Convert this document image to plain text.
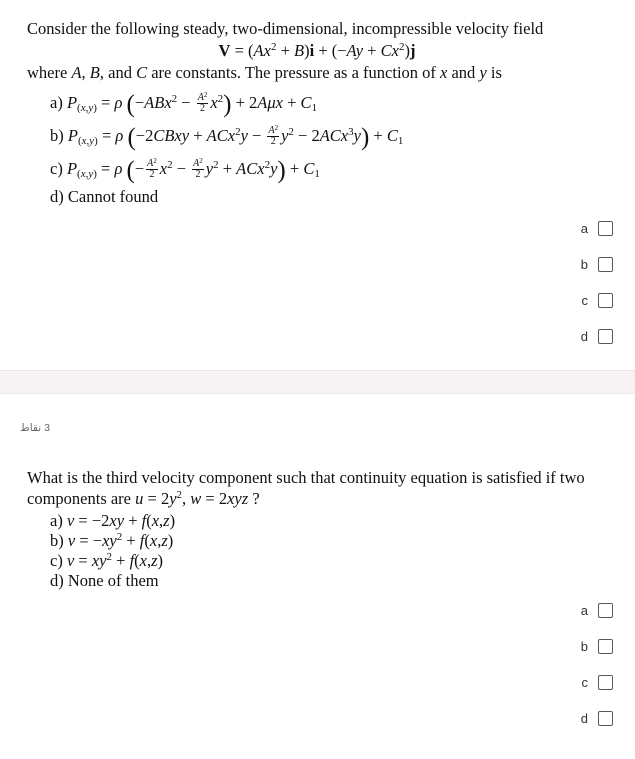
Consider the following steady, two-dimensional, incompressible velocity field
$V = (Ax^2 + B)i + (-Ay + Cx^2)j$
where A, B, and C are constants. The pressure as a function of x and y is
a) $P_{(x,y)} = \rho$ $(-ABx^2 - \frac{A^2}{2} x^2) + 2A\mu x + C_1$
b) $P_{(x,y)} = \rho$ (−2CBxy + $ACx^2y - \frac{A^2}{2} y^2 - 2ACx^3y) + C_1$
c) $P_{(x,y)} = \rho$ (− $\frac{A^2}{2} x^2 - \frac{A^2}{2} y^2 + ACx^2y) + C_1$
d) Cannot found
a
b
c
d
3 نقاط
What is the third velocity component such that continuity equation is satisfied if two
components are $u = 2y^2$, w = 2xyz ?
a) v = −2xy + f(x,z)
b) $v = -xy^2 + f(x,z)$
c) $v = xy^2 + f(x,z)$
d) None of them
a
b
c
d
